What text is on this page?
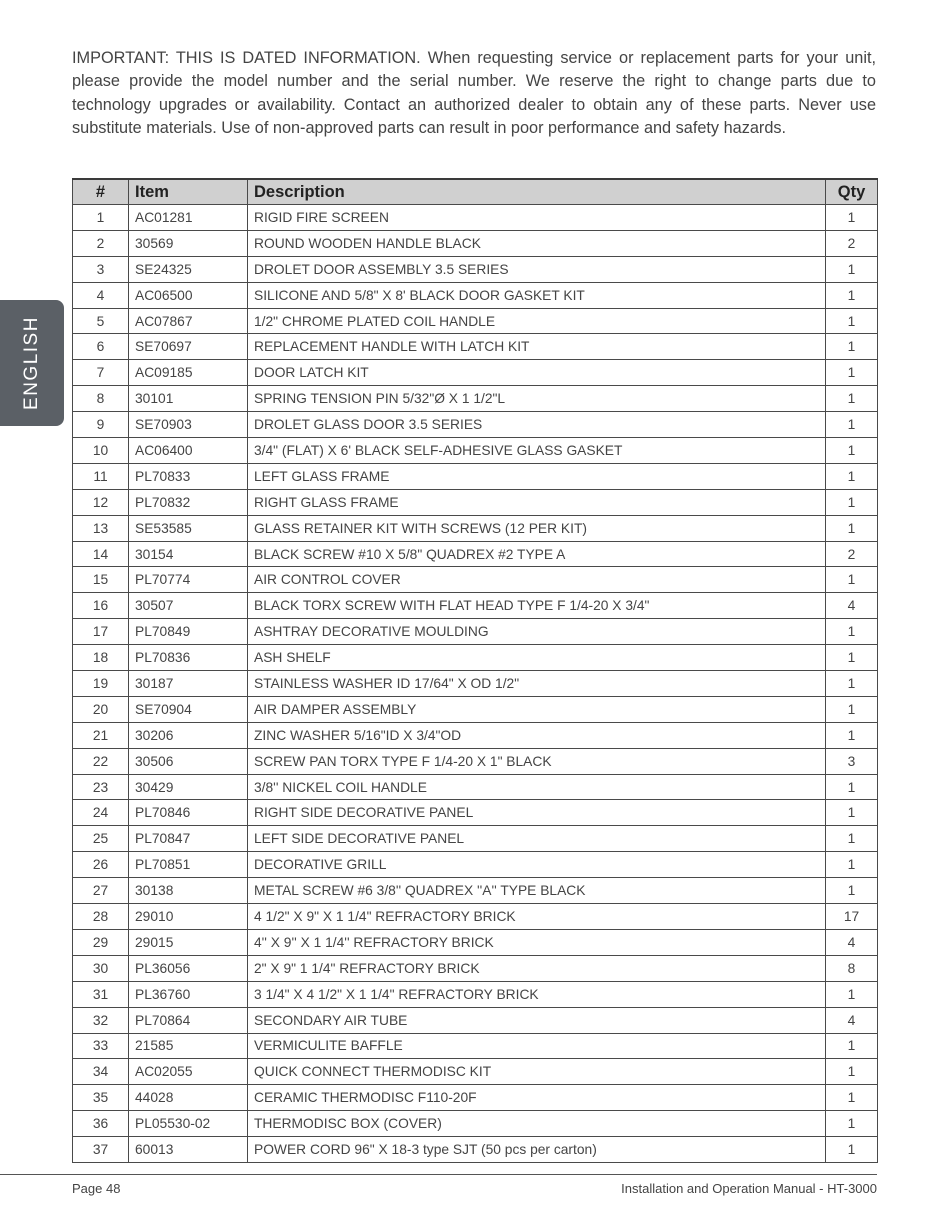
IMPORTANT: THIS IS DATED INFORMATION. When requesting service or replacement parts for your unit, please provide the model number and the serial number. We reserve the right to change parts due to technology upgrades or availability. Contact an authorized dealer to obtain any of these parts. Never use substitute materials. Use of non-approved parts can result in poor performance and safety hazards.

ENGLISH
#	Item	Description	Qty
1	AC01281	RIGID FIRE SCREEN	1
2	30569	ROUND WOODEN HANDLE BLACK	2
3	SE24325	DROLET DOOR ASSEMBLY 3.5 SERIES	1
4	AC06500	SILICONE AND 5/8" X 8' BLACK DOOR GASKET KIT	1
5	AC07867	1/2" CHROME PLATED COIL HANDLE	1
6	SE70697	REPLACEMENT HANDLE WITH LATCH KIT	1
7	AC09185	DOOR LATCH KIT	1
8	30101	SPRING TENSION PIN 5/32"Ø X 1 1/2"L	1
9	SE70903	DROLET GLASS DOOR 3.5 SERIES	1
10	AC06400	3/4" (FLAT) X 6' BLACK SELF-ADHESIVE GLASS GASKET	1
11	PL70833	LEFT GLASS FRAME	1
12	PL70832	RIGHT GLASS FRAME	1
13	SE53585	GLASS RETAINER KIT WITH SCREWS (12 PER KIT)	1
14	30154	BLACK SCREW #10 X 5/8" QUADREX #2 TYPE A	2
15	PL70774	AIR CONTROL COVER	1
16	30507	BLACK TORX SCREW WITH FLAT HEAD TYPE F 1/4-20 X 3/4"	4
17	PL70849	ASHTRAY DECORATIVE MOULDING	1
18	PL70836	ASH SHELF	1
19	30187	STAINLESS WASHER ID 17/64" X OD 1/2"	1
20	SE70904	AIR DAMPER ASSEMBLY	1
21	30206	ZINC WASHER 5/16"ID X 3/4"OD	1
22	30506	SCREW PAN TORX TYPE F 1/4-20 X 1" BLACK	3
23	30429	3/8'' NICKEL COIL HANDLE	1
24	PL70846	RIGHT SIDE DECORATIVE PANEL	1
25	PL70847	LEFT SIDE DECORATIVE PANEL	1
26	PL70851	DECORATIVE GRILL	1
27	30138	METAL SCREW #6 3/8'' QUADREX ''A'' TYPE BLACK	1
28	29010	4 1/2" X 9" X 1 1/4" REFRACTORY BRICK	17
29	29015	4'' X 9'' X 1 1/4'' REFRACTORY BRICK	4
30	PL36056	2" X 9" 1 1/4" REFRACTORY BRICK	8
31	PL36760	3 1/4" X 4 1/2" X 1 1/4" REFRACTORY BRICK	1
32	PL70864	SECONDARY AIR TUBE	4
33	21585	VERMICULITE BAFFLE	1
34	AC02055	QUICK CONNECT THERMODISC KIT	1
35	44028	CERAMIC THERMODISC F110-20F	1
36	PL05530-02	THERMODISC BOX (COVER)	1
37	60013	POWER CORD 96" X 18-3 type SJT (50 pcs per carton)	1
Page 48	Installation and Operation Manual - HT-3000
